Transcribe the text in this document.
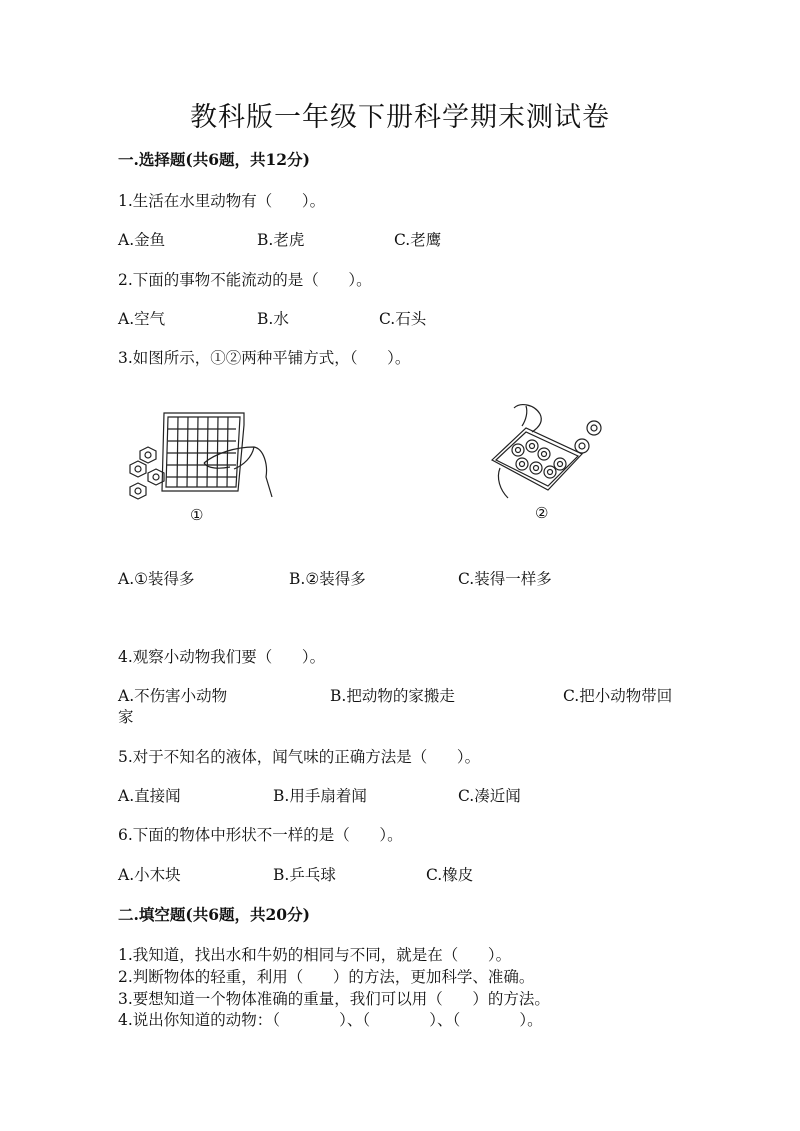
教科版一年级下册科学期末测试卷
一.选择题(共6题，共12分)
1.生活在水里动物有（      ）。
A.金鱼	B.老虎	C.老鹰
2.下面的事物不能流动的是（      ）。
A.空气	B.水	C.石头
3.如图所示，①②两种平铺方式，（      ）。
①	②
A.①装得多	B.②装得多	C.装得一样多
4.观察小动物我们要（      ）。
A.不伤害小动物	B.把动物的家搬走	C.把小动物带回
家
5.对于不知名的液体，闻气味的正确方法是（      ）。
A.直接闻	B.用手扇着闻	C.凑近闻
6.下面的物体中形状不一样的是（      ）。
A.小木块	B.乒乓球	C.橡皮
二.填空题(共6题，共20分)
1.我知道，找出水和牛奶的相同与不同，就是在（      ）。
2.判断物体的轻重，利用（      ）的方法，更加科学、准确。
3.要想知道一个物体准确的重量，我们可以用（      ）的方法。
4.说出你知道的动物：（            ）、（            ）、（            ）。
